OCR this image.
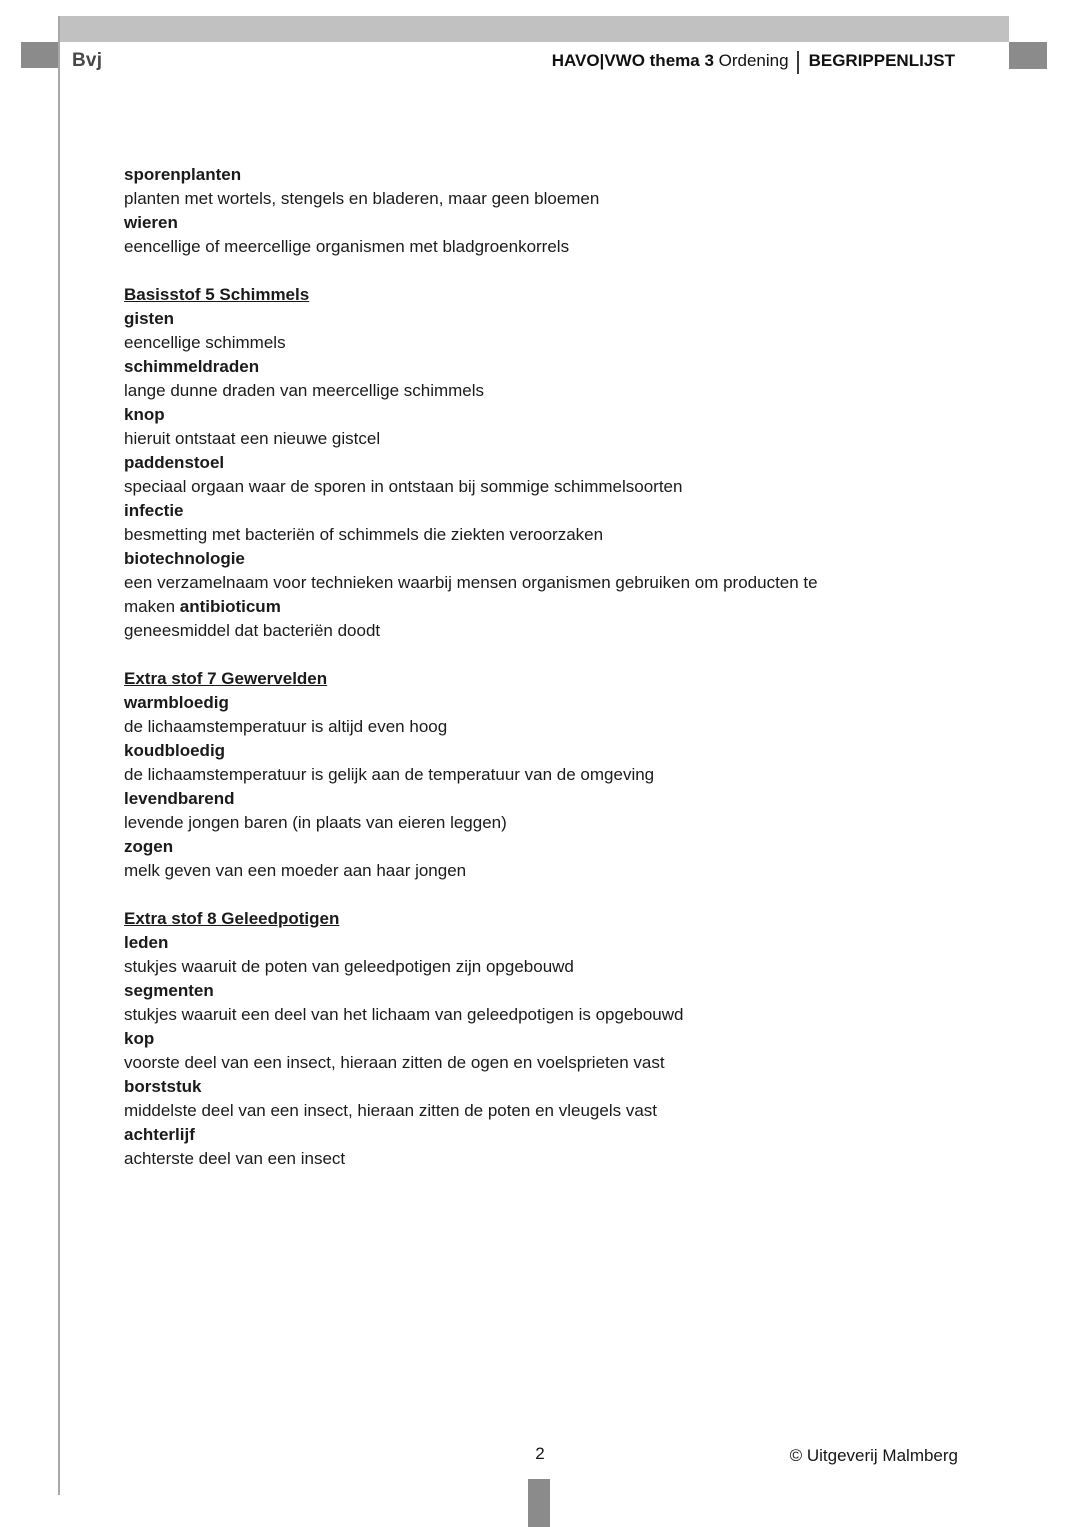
Bvj	HAVO|VWO thema 3 Ordening BEGRIPPENLIJST
sporenplanten
planten met wortels, stengels en bladeren, maar geen bloemen
wieren
eencellige of meercellige organismen met bladgroenkorrels
Basisstof 5 Schimmels
gisten
eencellige schimmels
schimmeldraden
lange dunne draden van meercellige schimmels
knop
hieruit ontstaat een nieuwe gistcel
paddenstoel
speciaal orgaan waar de sporen in ontstaan bij sommige schimmelsoorten
infectie
besmetting met bacteriën of schimmels die ziekten veroorzaken
biotechnologie
een verzamelnaam voor technieken waarbij mensen organismen gebruiken om producten te
maken antibioticum
geneesmiddel dat bacteriën doodt
Extra stof 7 Gewervelden
warmbloedig
de lichaamstemperatuur is altijd even hoog
koudbloedig
de lichaamstemperatuur is gelijk aan de temperatuur van de omgeving
levendbarend
levende jongen baren (in plaats van eieren leggen)
zogen
melk geven van een moeder aan haar jongen
Extra stof 8 Geleedpotigen
leden
stukjes waaruit de poten van geleedpotigen zijn opgebouwd
segmenten
stukjes waaruit een deel van het lichaam van geleedpotigen is opgebouwd
kop
voorste deel van een insect, hieraan zitten de ogen en voelsprieten vast
borststuk
middelste deel van een insect, hieraan zitten de poten en vleugels vast
achterlijf
achterste deel van een insect
2	© Uitgeverij Malmberg
